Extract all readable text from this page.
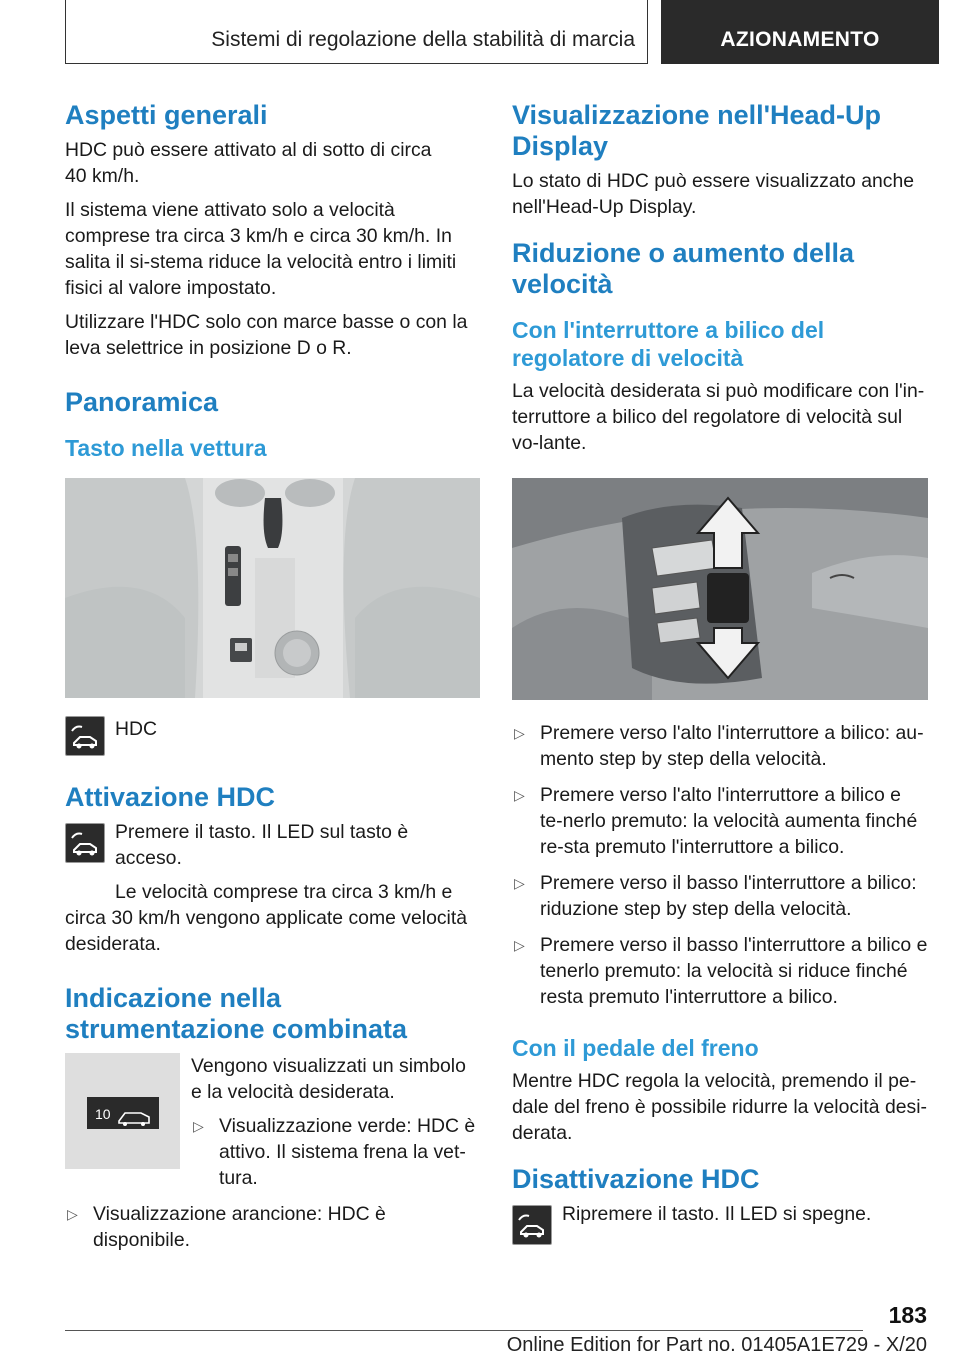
Sistemi di regolazione della stabilità di marcia	AZIONAMENTO
Aspetti generali

HDC può essere attivato al di sotto di circa 40 km/h.

Il sistema viene attivato solo a velocità comprese tra circa 3 km/h e circa 30 km/h. In salita il si-stema riduce la velocità entro i limiti fisici al valore impostato.

Utilizzare l'HDC solo con marce basse o con la leva selettrice in posizione D o R.

Panoramica
Tasto nella vettura

HDC

Attivazione HDC

Premere il tasto. Il LED sul tasto è acceso.

Le velocità comprese tra circa 3 km/h e circa 30 km/h vengono applicate come velocità desiderata.

Indicazione nella strumentazione combinata
10

Vengono visualizzati un simbolo e la velocità desiderata.

▷ Visualizzazione verde: HDC è attivo. Il sistema frena la vet-tura.
▷ Visualizzazione arancione: HDC è disponibile.
Visualizzazione nell'Head-Up Display

Lo stato di HDC può essere visualizzato anche nell'Head-Up Display.

Riduzione o aumento della velocità
Con l'interruttore a bilico del regolatore di velocità

La velocità desiderata si può modificare con l'in-terruttore a bilico del regolatore di velocità sul vo-lante.

▷ Premere verso l'alto l'interruttore a bilico: au-mento step by step della velocità.
▷ Premere verso l'alto l'interruttore a bilico e te-nerlo premuto: la velocità aumenta finché re-sta premuto l'interruttore a bilico.
▷ Premere verso il basso l'interruttore a bilico: riduzione step by step della velocità.
▷ Premere verso il basso l'interruttore a bilico e tenerlo premuto: la velocità si riduce finché resta premuto l'interruttore a bilico.
Con il pedale del freno

Mentre HDC regola la velocità, premendo il pe-dale del freno è possibile ridurre la velocità desi-derata.

Disattivazione HDC

Ripremere il tasto. Il LED si spegne.

183
Online Edition for Part no. 01405A1E729 - X/20
